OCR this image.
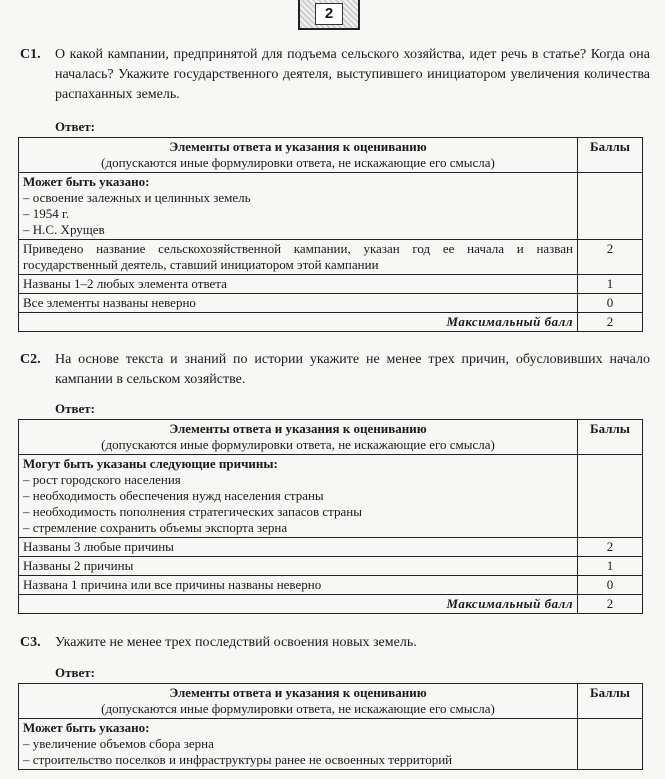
2
С1. О какой кампании, предпринятой для подъема сельского хозяйства, идет речь в статье? Когда она началась? Укажите государственного деятеля, выступившего инициатором увеличения количества распаханных земель.
Ответ:
Элементы ответа и указания к оцениванию
(допускаются иные формулировки ответа, не искажающие его смысла)	Баллы

Может быть указано:
– освоение залежных и целинных земель
– 1954 г.
– Н.С. Хрущев	

Приведено название сельскохозяйственной кампании, указан год ее начала и назван государственный деятель, ставший инициатором этой кампании	2
Названы 1–2 любых элемента ответа	1
Все элементы названы неверно	0
Максимальный балл	2
С2. На основе текста и знаний по истории укажите не менее трех причин, обусловивших начало кампании в сельском хозяйстве.
Ответ:
Элементы ответа и указания к оцениванию
(допускаются иные формулировки ответа, не искажающие его смысла)	Баллы

Могут быть указаны следующие причины:
– рост городского населения
– необходимость обеспечения нужд населения страны
– необходимость пополнения стратегических запасов страны
– стремление сохранить объемы экспорта зерна	

Названы 3 любые причины	2
Названы 2 причины	1
Названа 1 причина или все причины названы неверно	0
Максимальный балл	2
С3. Укажите не менее трех последствий освоения новых земель.
Ответ:
Элементы ответа и указания к оцениванию
(допускаются иные формулировки ответа, не искажающие его смысла)	Баллы

Может быть указано:
– увеличение объемов сбора зерна
– строительство поселков и инфраструктуры ранее не освоенных территорий	
